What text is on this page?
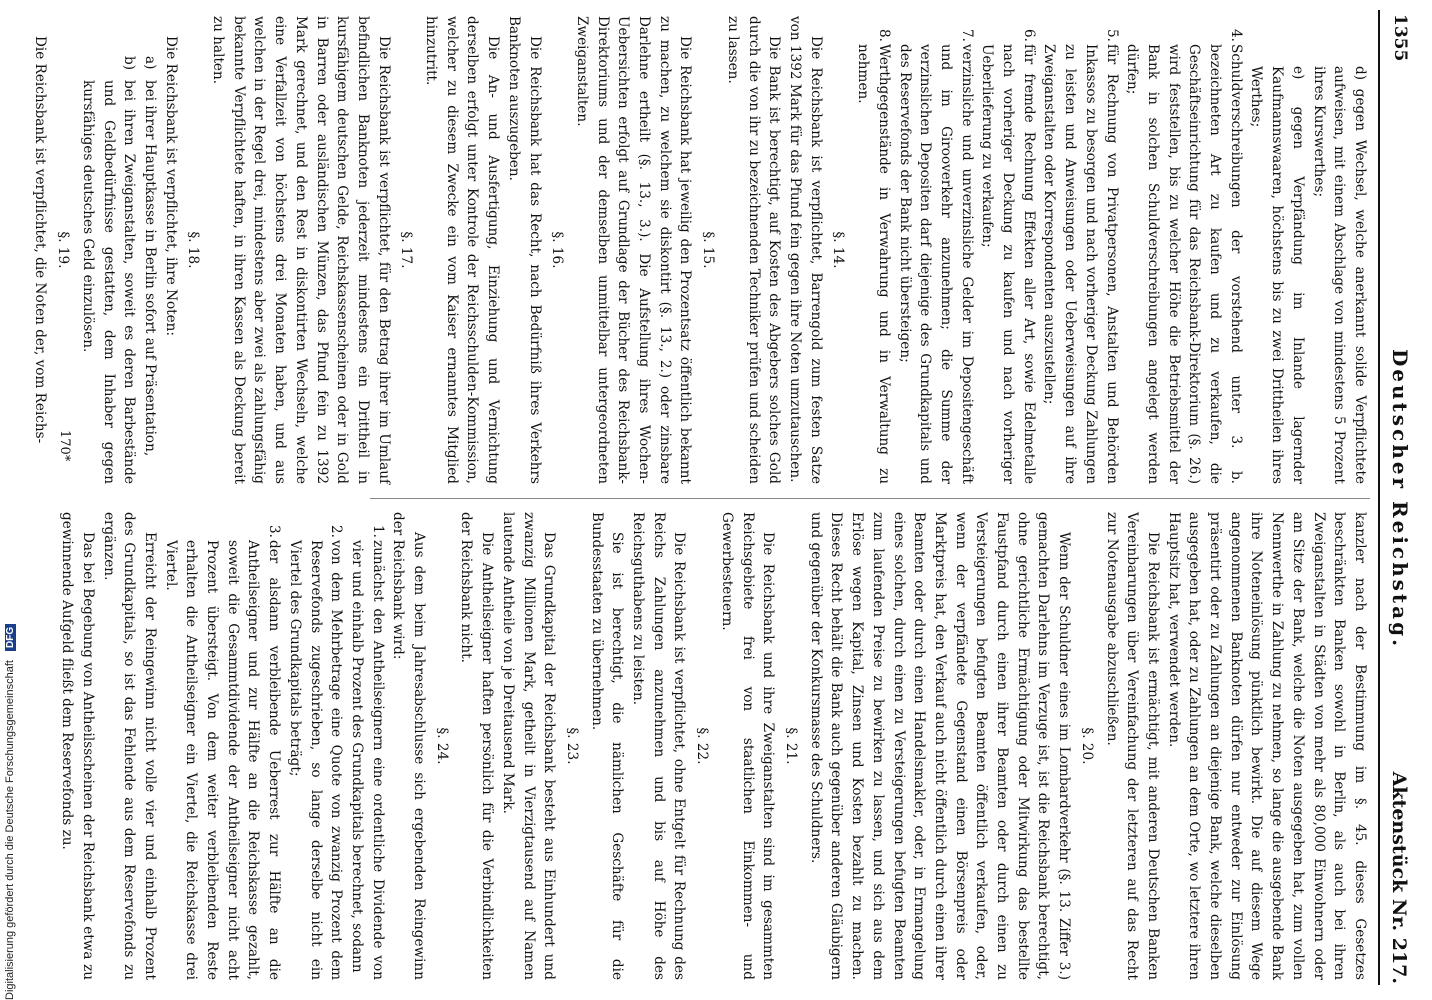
1355
Deutscher Reichstag.
Aktenstück Nr. 217.

d) gegen Wechsel, welche anerkannt solide Verpflichtete aufweisen, mit einem Abschlage von mindestens 5 Prozent ihres Kurswerthes;

e) gegen Verpfändung im Inlande lagernder Kaufmannswaaren, höchstens bis zu zwei Drittheilen ihres Werthes;

4.Schuldverschreibungen der vorstehend unter 3. b. bezeichneten Art zu kaufen und zu verkaufen, die Geschäftseinrichtung für das Reichsbank-Direktorium (§. 26.) wird feststellen, bis zu welcher Höhe die Betriebsmittel der Bank in solchen Schuldverschreibungen angelegt werden dürfen;

5.für Rechnung von Privatpersonen, Anstalten und Behörden Inkassos zu besorgen und nach vorheriger Deckung Zahlungen zu leisten und Anweisungen oder Ueberweisungen auf ihre Zweiganstalten oder Korrespondenten auszustellen;

6.für fremde Rechnung Effekten aller Art, sowie Edelmetalle nach vorheriger Deckung zu kaufen und nach vorheriger Ueberlieferung zu verkaufen;

7.verzinsliche und unverzinsliche Gelder im Depositengeschäft und im Girooverkehr anzunehmen; die Summe der verzinslichen Depositen darf diejenige des Grundkapitals und des Reservefonds der Bank nicht übersteigen;

8.Werthgegenstände in Verwahrung und in Verwaltung zu nehmen.

§. 14.

Die Reichsbank ist verpflichtet, Barrengold zum festen Satze von 1392 Mark für das Pfund fein gegen ihre Noten umzutauschen.

Die Bank ist berechtigt, auf Kosten des Abgebers solches Gold durch die von ihr zu bezeichnenden Techniker prüfen und scheiden zu lassen.

§. 15.

Die Reichsbank hat jeweilig den Prozentsatz öffentlich bekannt zu machen, zu welchem sie diskontirt (§. 13., 2.) oder zinsbare Darlehne ertheilt (§. 13., 3.). Die Aufstellung ihres Wochen-Uebersichten erfolgt auf Grundlage der Bücher des Reichsbank-Direktoriums und der demselben unmittelbar untergeordneten Zweiganstalten.

§. 16.

Die Reichsbank hat das Recht, nach Bedürfniß ihres Verkehrs Banknoten auszugeben.

Die An- und Ausfertigung, Einziehung und Vernichtung derselben erfolgt unter Kontrole der Reichsschulden-Kommission, welcher zu diesem Zwecke ein vom Kaiser ernanntes Mitglied hinzutritt.

§. 17.

Die Reichsbank ist verpflichtet, für den Betrag ihrer im Umlauf befindlichen Banknoten jederzeit mindestens ein Drittheil in kursfähigem deutschen Gelde, Reichskassenscheinen oder in Gold in Barren oder ausländischen Münzen, das Pfund fein zu 1392 Mark gerechnet, und den Rest in diskontirten Wechseln, welche eine Verfallzeit von höchstens drei Monaten haben, und aus welchen in der Regel drei, mindestens aber zwei als zahlungsfähig bekannte Verpflichtete haften, in ihren Kassen als Deckung bereit zu halten.

§. 18.

Die Reichsbank ist verpflichtet, ihre Noten:

a)bei ihrer Hauptkasse in Berlin sofort auf Präsentation,

b)bei ihren Zweiganstalten, soweit es deren Barbestände und Geldbedürfnisse gestatten, dem Inhaber gegen kursfähiges deutsches Geld einzulösen.

§. 19.

Die Reichsbank ist verpflichtet, die Noten der, vom Reichs-

kanzler nach der Bestimmung im §. 45. dieses Gesetzes beschränkten Banken sowohl in Berlin, als auch bei ihren Zweiganstalten in Städten von mehr als 80,000 Einwohnern oder am Sitze der Bank, welche die Noten ausgegeben hat, zum vollen Nennwerthe in Zahlung zu nehmen, so lange die ausgebende Bank ihre Noteneinlösung pünktlich bewirkt. Die auf diesem Wege angenommenen Banknoten dürfen nur entweder zur Einlösung präsentirt oder zu Zahlungen an diejenige Bank, welche dieselben ausgegeben hat, oder zu Zahlungen an dem Orte, wo letztere ihren Hauptsitz hat, verwendet werden.

Die Reichsbank ist ermächtigt, mit anderen Deutschen Banken Vereinbarungen über Vereinfachung der letzteren auf das Recht zur Notenausgabe abzuschließen.

§. 20.

Wenn der Schuldner eines im Lombardverkehr (§. 13. Ziffer 3.) gemachten Darlehns im Verzuge ist, ist die Reichsbank berechtigt, ohne gerichtliche Ermächtigung oder Mitwirkung das bestellte Faustpfand durch einen ihrer Beamten oder durch einen zu Versteigerungen befugten Beamten öffentlich verkaufen, oder, wenn der verpfändete Gegenstand einen Börsenpreis oder Marktpreis hat, den Verkauf auch nicht öffentlich durch einen ihrer Beamten oder durch einen Handelsmakler, oder, in Ermangelung eines solchen, durch einen zu Versteigerungen befugten Beamten zum laufenden Preise zu bewirken zu lassen, und sich aus dem Erlöse wegen Kapital, Zinsen und Kosten bezahlt zu machen. Dieses Recht behält die Bank auch gegenüber anderen Gläubigern und gegenüber der Konkursmasse des Schuldners.

§. 21.

Die Reichsbank und ihre Zweiganstalten sind im gesammten Reichsgebiete frei von staatlichen Einkommen- und Gewerbesteuern.

§. 22.

Die Reichsbank ist verpflichtet, ohne Entgelt für Rechnung des Reichs Zahlungen anzunehmen und bis auf Höhe des Reichsguthabens zu leisten.

Sie ist berechtigt, die nämlichen Geschäfte für die Bundesstaaten zu übernehmen.

§. 23.

Das Grundkapital der Reichsbank besteht aus Einhundert und zwanzig Millionen Mark, getheilt in Vierzigtausend auf Namen lautende Antheile von je Dreitausend Mark.

Die Antheilseigner haften persönlich für die Verbindlichkeiten der Reichsbank nicht.

§. 24.

Aus dem beim Jahresabschlusse sich ergebenden Reingewinn der Reichsbank wird:

1.zunächst den Antheilseignern eine ordentliche Dividende von vier und einhalb Prozent des Grundkapitals berechnet, sodann

2.von dem Mehrbetrage eine Quote von zwanzig Prozent dem Reservefonds zugeschrieben, so lange derselbe nicht ein Viertel des Grundkapitals beträgt;

3.der alsdann verbleibende Ueberrest zur Hälfte an die Antheilseigner und zur Hälfte an die Reichskasse gezahlt, soweit die Gesammtdividende der Antheilseigner nicht acht Prozent übersteigt. Von dem weiter verbleibenden Reste erhalten die Antheilseigner ein Viertel, die Reichskasse drei Viertel.

Erreicht der Reingewinn nicht volle vier und einhalb Prozent des Grundkapitals, so ist das Fehlende aus dem Reservefonds zu ergänzen.

Das bei Begebung von Antheilsscheinen der Reichsbank etwa zu gewinnende Aufgeld fließt dem Reservefonds zu.

170*
Digitalisierung gefördert durch die Deutsche Forschungsgemeinschaft DFG
